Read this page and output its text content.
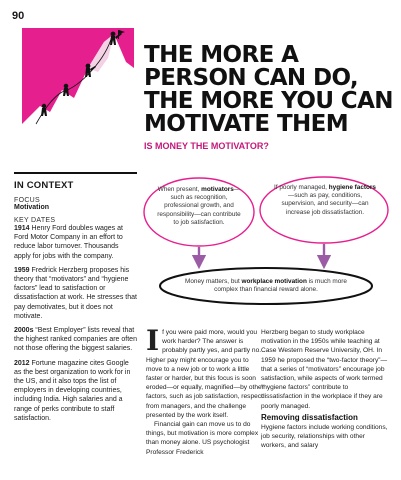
90
THE MORE A
PERSON CAN DO,
THE MORE YOU CAN
MOTIVATE THEM
IS MONEY THE MOTIVATOR?
IN CONTEXT
FOCUS
Motivation
KEY DATES

1914 Henry Ford doubles wages at Ford Motor Company in an effort to reduce labor turnover. Thousands apply for jobs with the company.

1959 Fredrick Herzberg proposes his theory that “motivators” and “hygiene factors” lead to satisfaction or dissatisfaction at work. He stresses that pay demotivates, but it does not motivate.

2000s “Best Employer” lists reveal that the highest ranked companies are often not those offering the biggest salaries.

2012 Fortune magazine cites Google as the best organization to work for in the US, and it also tops the list of employers in developing countries, including India. High salaries and a range of perks contribute to staff satisfaction.

When present, motivators—such as recognition, professional growth, and responsibility—can contribute to job satisfaction.
If poorly managed, hygiene factors—such as pay, conditions, supervision, and security—can increase job dissatisfaction.
Money matters, but workplace motivation is much more complex than financial reward alone.
I f you were paid more, would you work harder? The answer is probably partly yes, and partly no. Higher pay might encourage you to move to a new job or to work a little faster or harder, but this focus is soon eroded—or equally, magnified—by other factors, such as job satisfaction, respect from managers, and the challenge presented by the work itself.

Financial gain can move us to do things, but motivation is more complex than money alone. US psychologist Professor Frederick

Herzberg began to study workplace motivation in the 1950s while teaching at Case Western Reserve University, OH. In 1959 he proposed the “two-factor theory”—that a series of “motivators” encourage job satisfaction, while aspects of work termed “hygiene factors” contribute to dissatisfaction in the workplace if they are poorly managed.

Removing dissatisfaction

Hygiene factors include working conditions, job security, relationships with other workers, and salary
